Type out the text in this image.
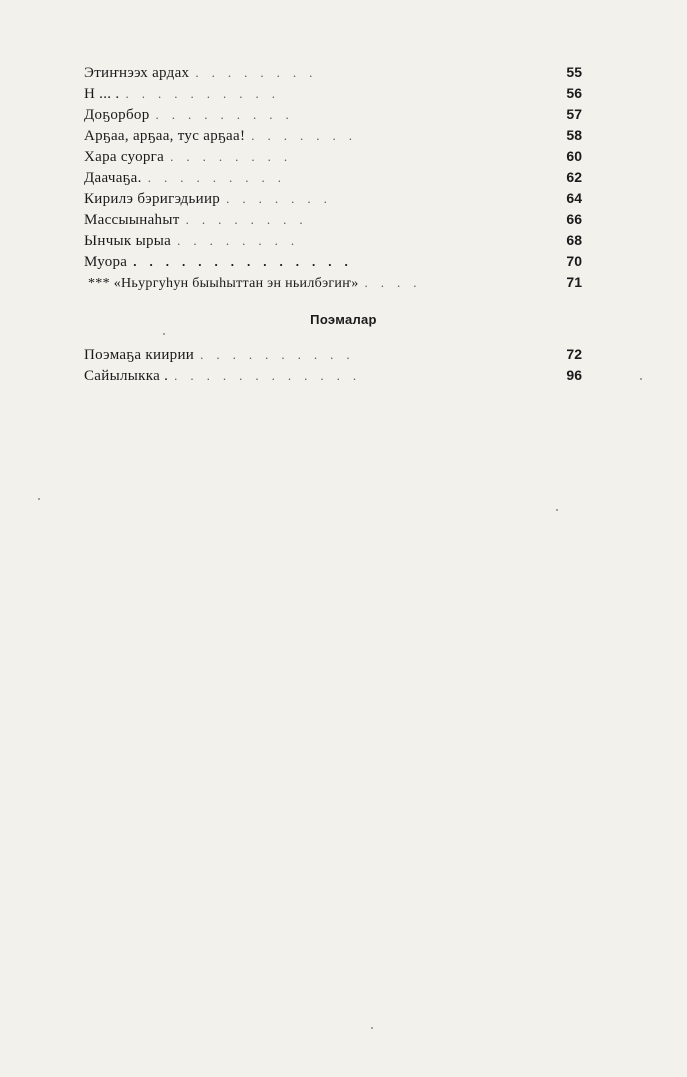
Этиҥнээх ардах ........	55
Н ... . ..........	56
Доҕорбор .........	57
Арҕаа, арҕаа, тус арҕаа! .......	58
Хара суорга ........	60
Даачаҕа. .........	62
Кирилэ бэригэдьиир .......	64
Массыынаһыт ........	66
Ынчык ырыа ........	68
Муора ..............	70
*** «Ньургуһун быыһыттан эн ньилбэгиҥ» ....	71
Поэмалар
Поэмаҕа киирии ..........	72
Сайылыкка . ............	96
